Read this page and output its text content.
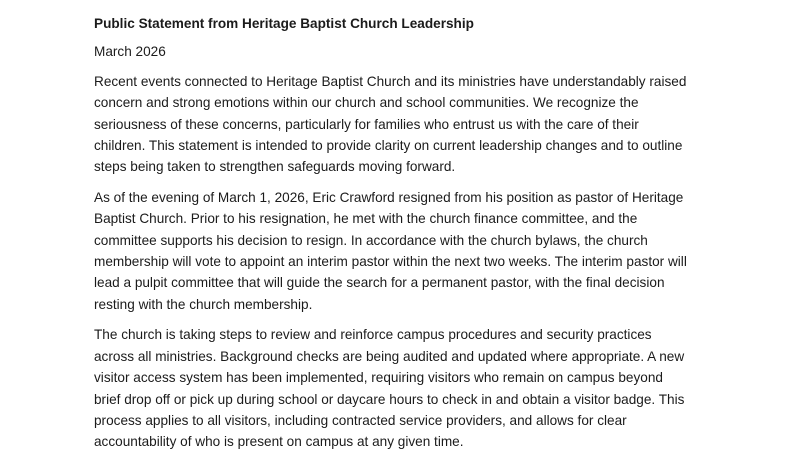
Public Statement from Heritage Baptist Church Leadership
March 2026
Recent events connected to Heritage Baptist Church and its ministries have understandably raised
concern and strong emotions within our church and school communities. We recognize the
seriousness of these concerns, particularly for families who entrust us with the care of their
children. This statement is intended to provide clarity on current leadership changes and to outline
steps being taken to strengthen safeguards moving forward.
As of the evening of March 1, 2026, Eric Crawford resigned from his position as pastor of Heritage
Baptist Church. Prior to his resignation, he met with the church finance committee, and the
committee supports his decision to resign. In accordance with the church bylaws, the church
membership will vote to appoint an interim pastor within the next two weeks. The interim pastor will
lead a pulpit committee that will guide the search for a permanent pastor, with the final decision
resting with the church membership.
The church is taking steps to review and reinforce campus procedures and security practices
across all ministries. Background checks are being audited and updated where appropriate. A new
visitor access system has been implemented, requiring visitors who remain on campus beyond
brief drop off or pick up during school or daycare hours to check in and obtain a visitor badge. This
process applies to all visitors, including contracted service providers, and allows for clear
accountability of who is present on campus at any given time.
